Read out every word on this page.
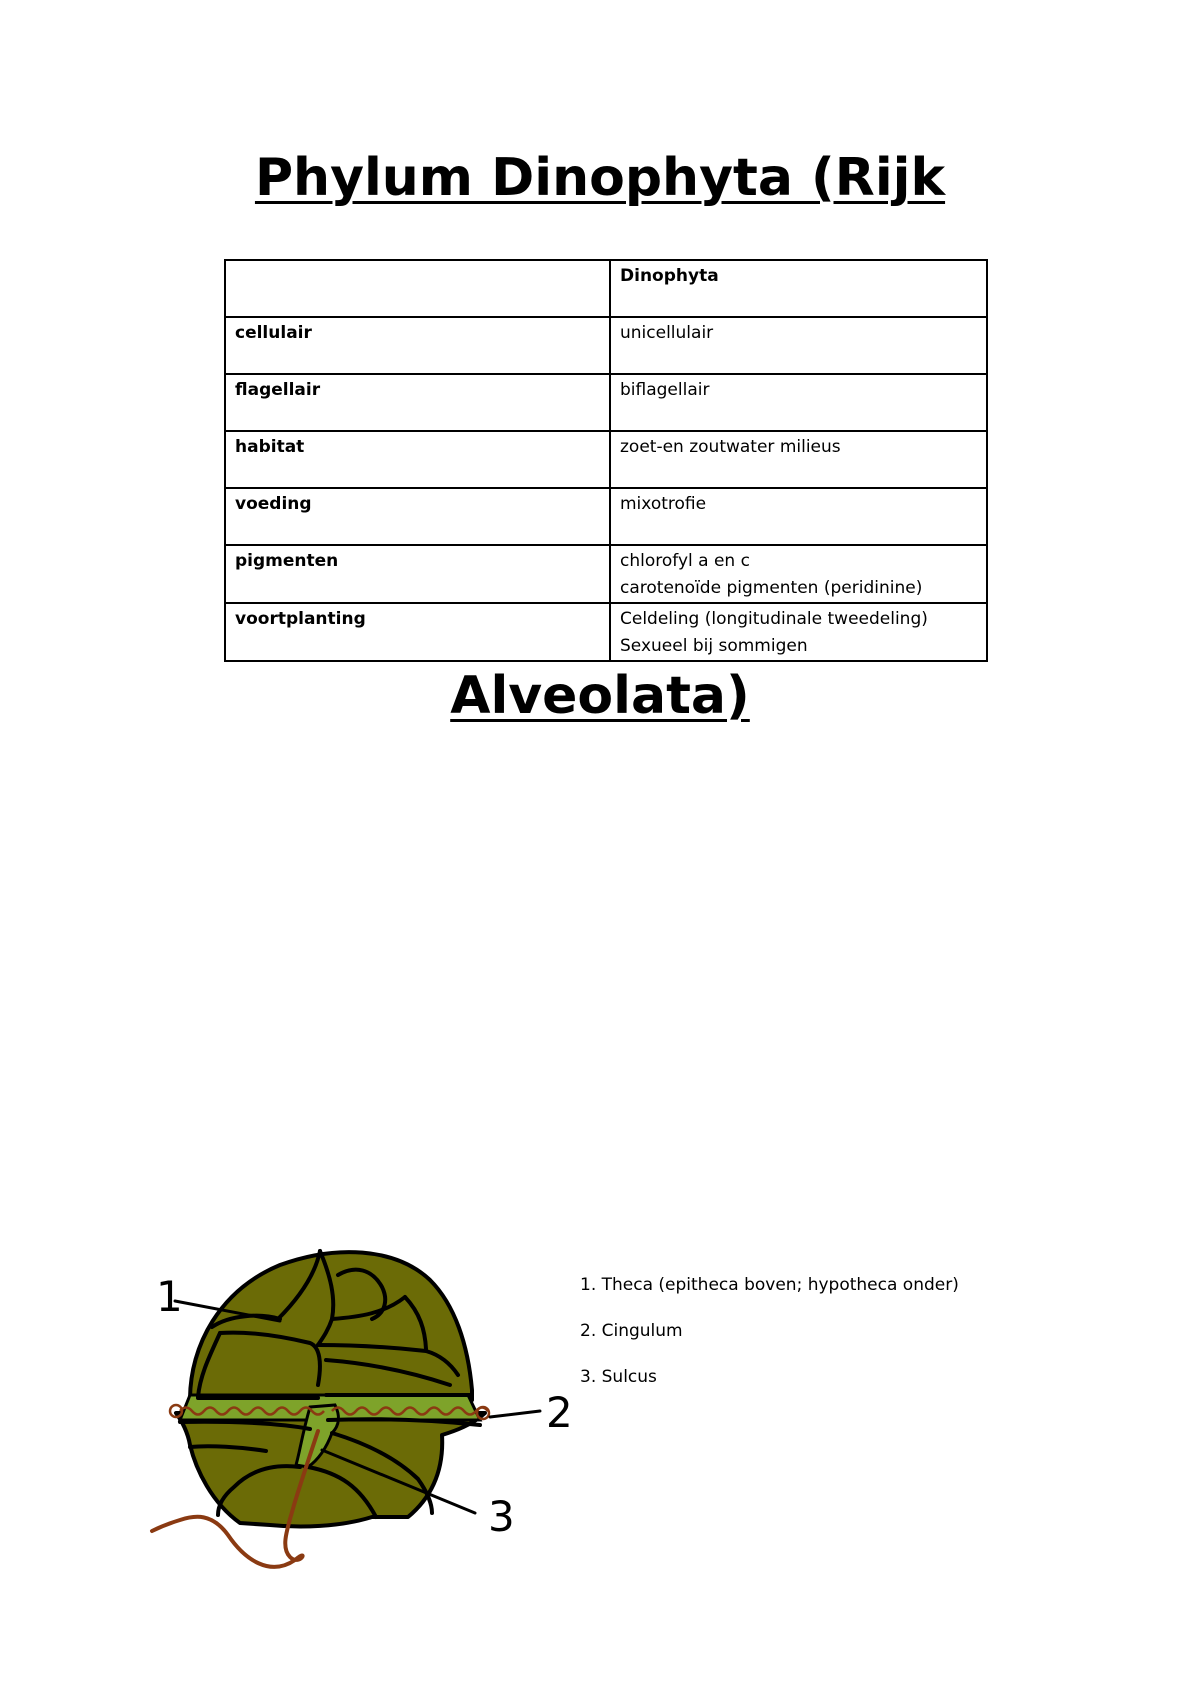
Phylum Dinophyta (Rijk
	Dinophyta
cellulair	unicellulair

flagellair	biflagellair

habitat	zoet-en zoutwater milieus

voeding	mixotrofie

pigmenten	chlorofyl a en c
carotenoïde pigmenten (peridinine)

voortplanting	Celdeling (longitudinale tweedeling)
Sexueel bij sommigen
Alveolata)
1
2
3
1. Theca (epitheca boven; hypotheca onder)
2. Cingulum
3. Sulcus
